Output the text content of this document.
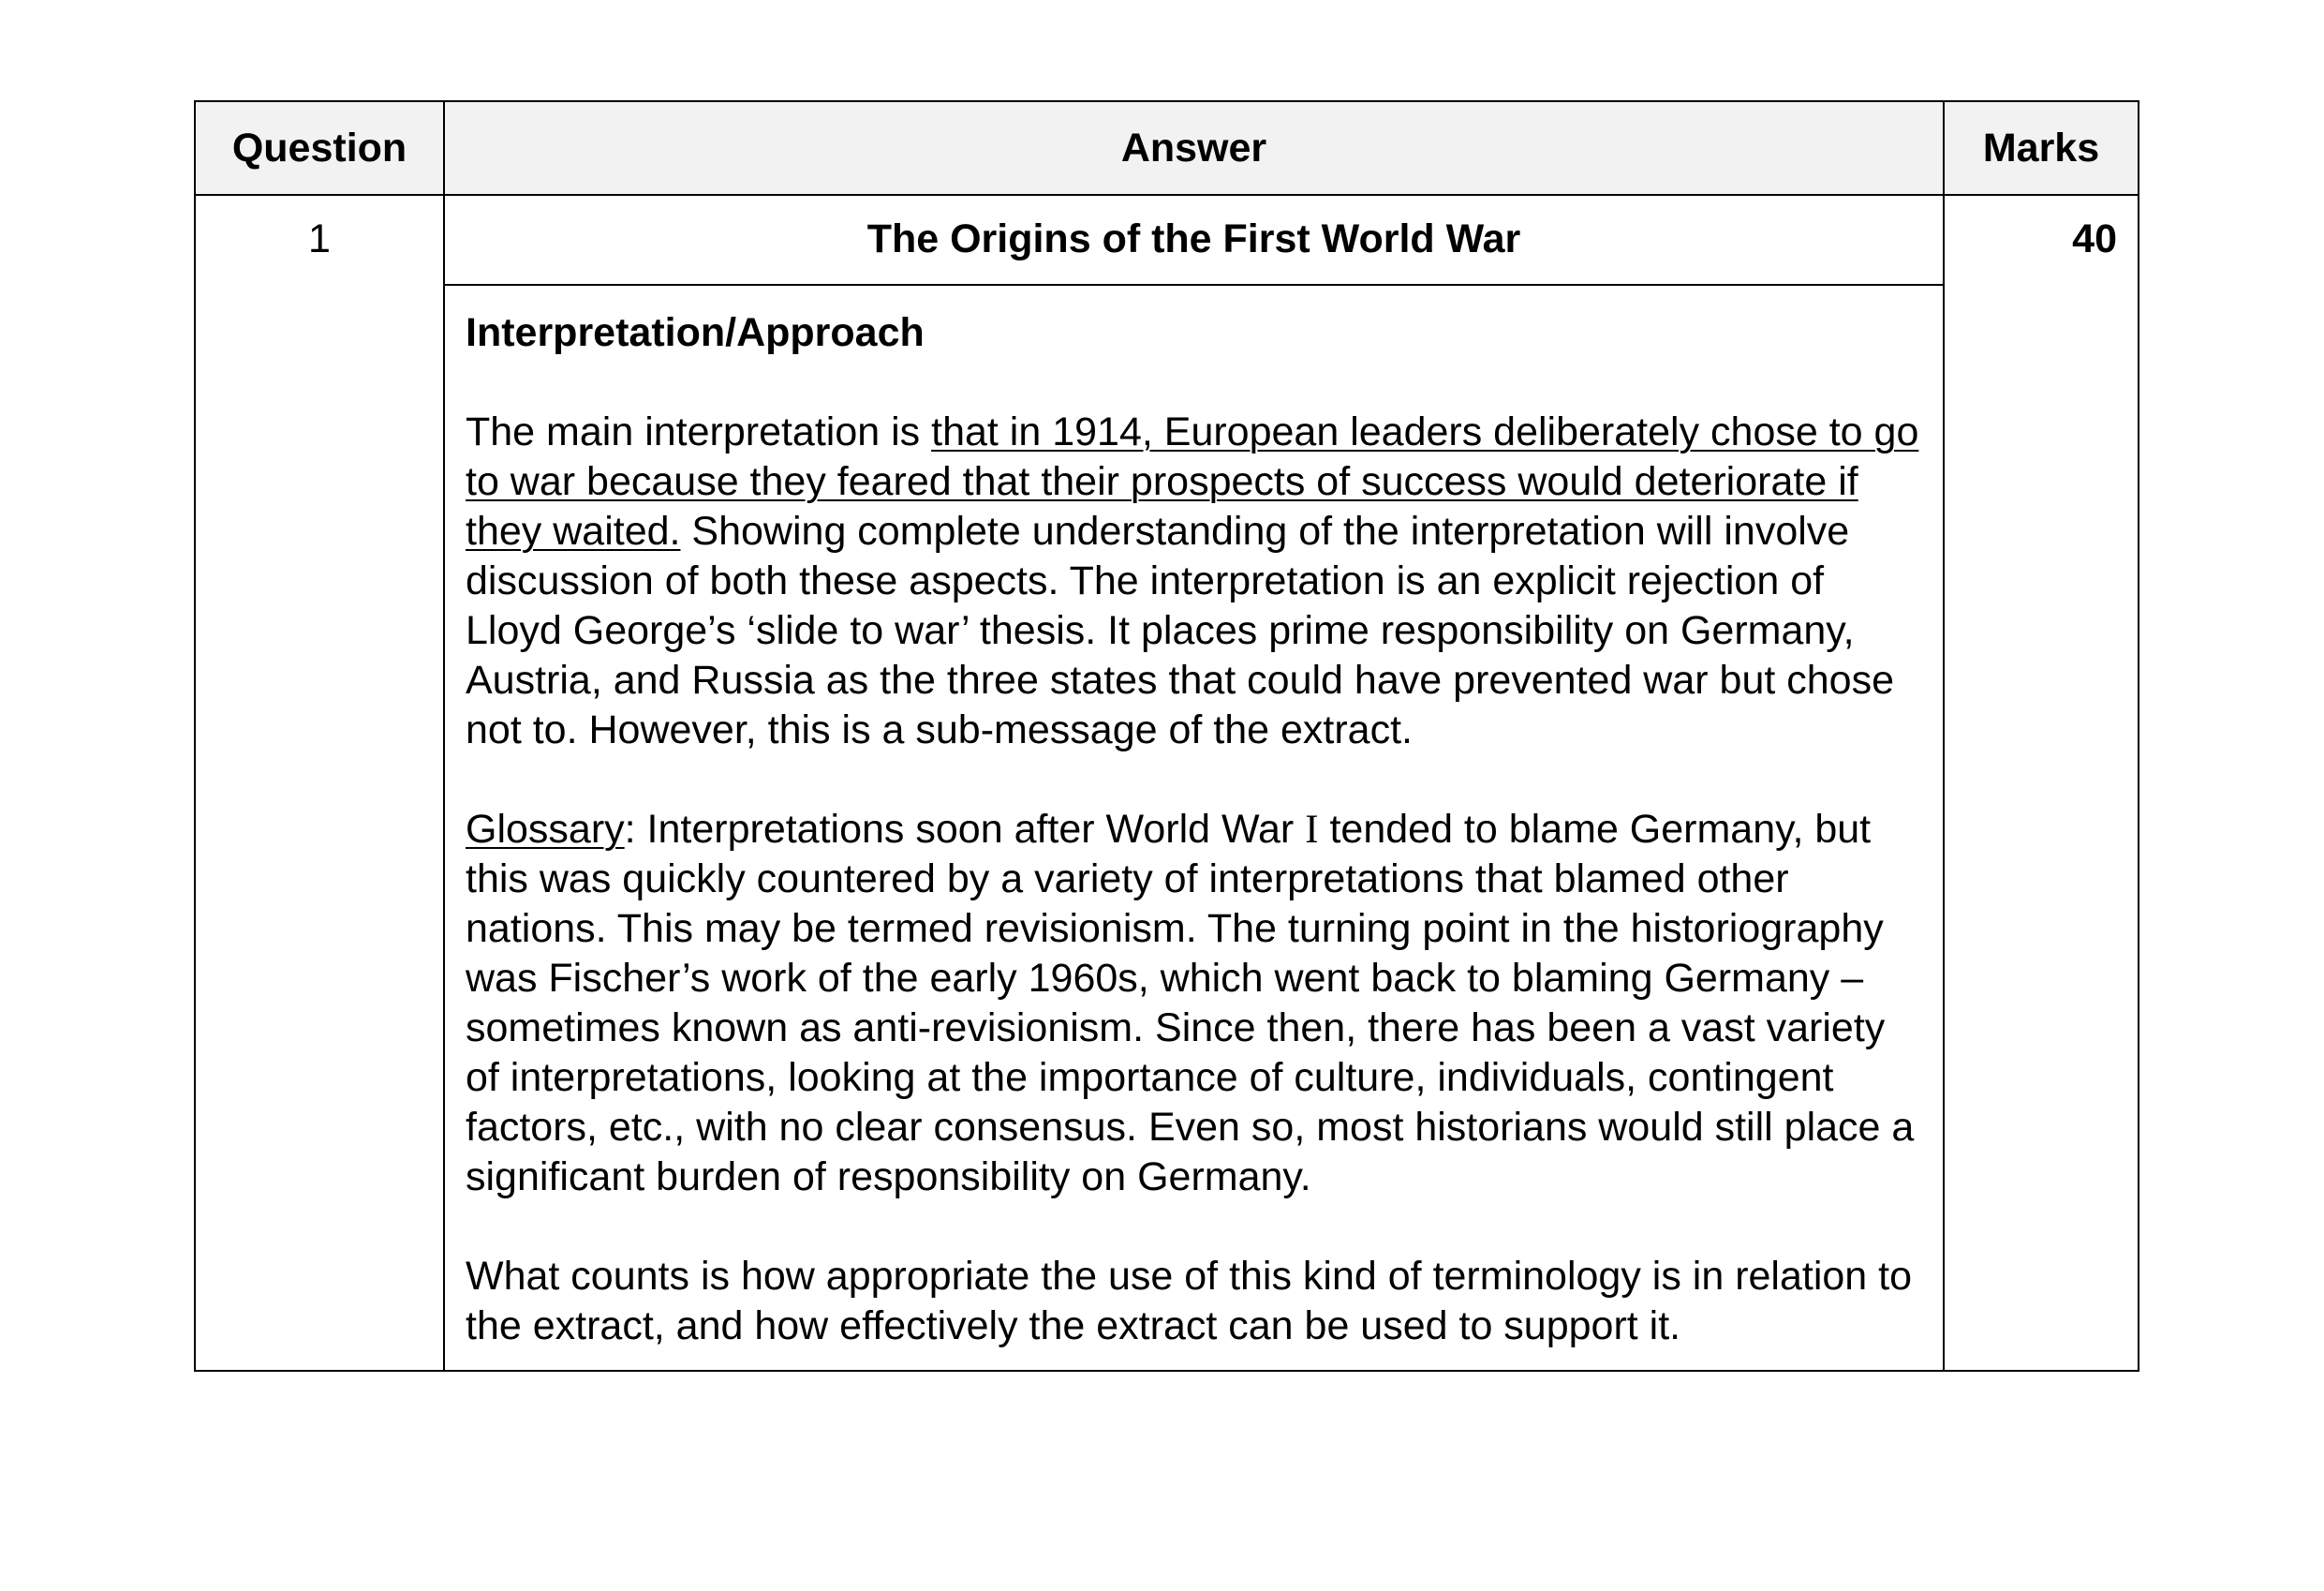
Question	Answer	Marks
1	The Origins of the First World War	40

	Interpretation/Approach

The main interpretation is that in 1914, European leaders deliberately chose to go to war because they feared that their prospects of success would deteriorate if they waited. Showing complete understanding of the interpretation will involve discussion of both these aspects. The interpretation is an explicit rejection of Lloyd George’s ‘slide to war’ thesis. It places prime responsibility on Germany, Austria, and Russia as the three states that could have prevented war but chose not to. However, this is a sub-message of the extract.

Glossary: Interpretations soon after World War I tended to blame Germany, but this was quickly countered by a variety of interpretations that blamed other nations. This may be termed revisionism. The turning point in the historiography was Fischer’s work of the early 1960s, which went back to blaming Germany – sometimes known as anti-revisionism. Since then, there has been a vast variety of interpretations, looking at the importance of culture, individuals, contingent factors, etc., with no clear consensus. Even so, most historians would still place a significant burden of responsibility on Germany.

What counts is how appropriate the use of this kind of terminology is in relation to the extract, and how effectively the extract can be used to support it.	
